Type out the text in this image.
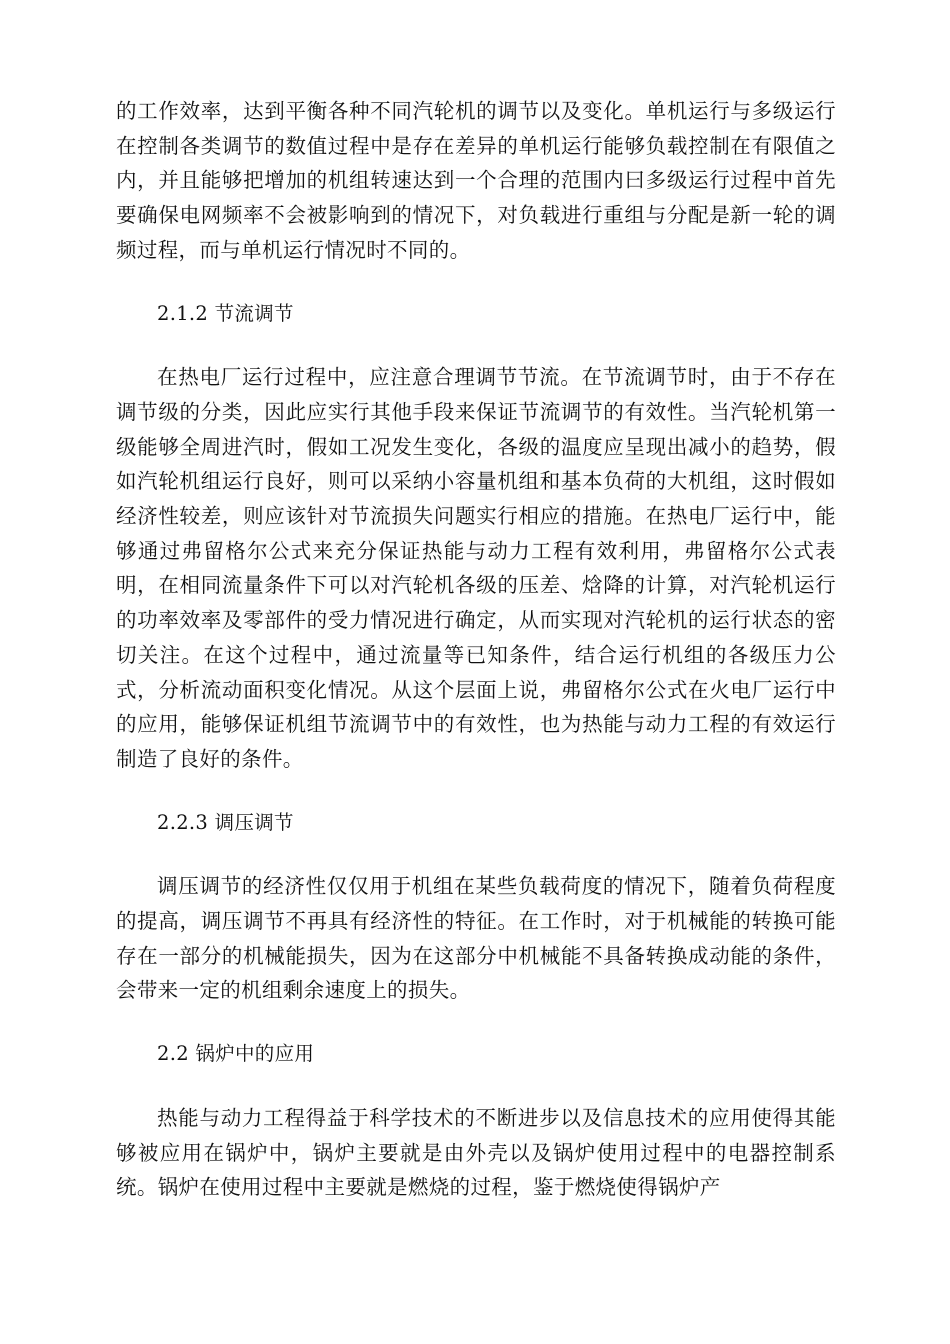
的工作效率，达到平衡各种不同汽轮机的调节以及变化。单机运行与多级运行在控制各类调节的数值过程中是存在差异的单机运行能够负载控制在有限值之内，并且能够把增加的机组转速达到一个合理的范围内曰多级运行过程中首先要确保电网频率不会被影响到的情况下，对负载进行重组与分配是新一轮的调频过程，而与单机运行情况时不同的。

2.1.2 节流调节

在热电厂运行过程中，应注意合理调节节流。在节流调节时，由于不存在调节级的分类，因此应实行其他手段来保证节流调节的有效性。当汽轮机第一级能够全周进汽时，假如工况发生变化，各级的温度应呈现出减小的趋势，假如汽轮机组运行良好，则可以采纳小容量机组和基本负荷的大机组，这时假如经济性较差，则应该针对节流损失问题实行相应的措施。在热电厂运行中，能够通过弗留格尔公式来充分保证热能与动力工程有效利用，弗留格尔公式表明，在相同流量条件下可以对汽轮机各级的压差、焓降的计算，对汽轮机运行的功率效率及零部件的受力情况进行确定，从而实现对汽轮机的运行状态的密切关注。在这个过程中，通过流量等已知条件，结合运行机组的各级压力公式，分析流动面积变化情况。从这个层面上说，弗留格尔公式在火电厂运行中的应用，能够保证机组节流调节中的有效性，也为热能与动力工程的有效运行制造了良好的条件。

2.2.3 调压调节

调压调节的经济性仅仅用于机组在某些负载荷度的情况下，随着负荷程度的提高，调压调节不再具有经济性的特征。在工作时，对于机械能的转换可能存在一部分的机械能损失，因为在这部分中机械能不具备转换成动能的条件，会带来一定的机组剩余速度上的损失。

2.2 锅炉中的应用

热能与动力工程得益于科学技术的不断进步以及信息技术的应用使得其能够被应用在锅炉中，锅炉主要就是由外壳以及锅炉使用过程中的电器控制系统。锅炉在使用过程中主要就是燃烧的过程，鉴于燃烧使得锅炉产
